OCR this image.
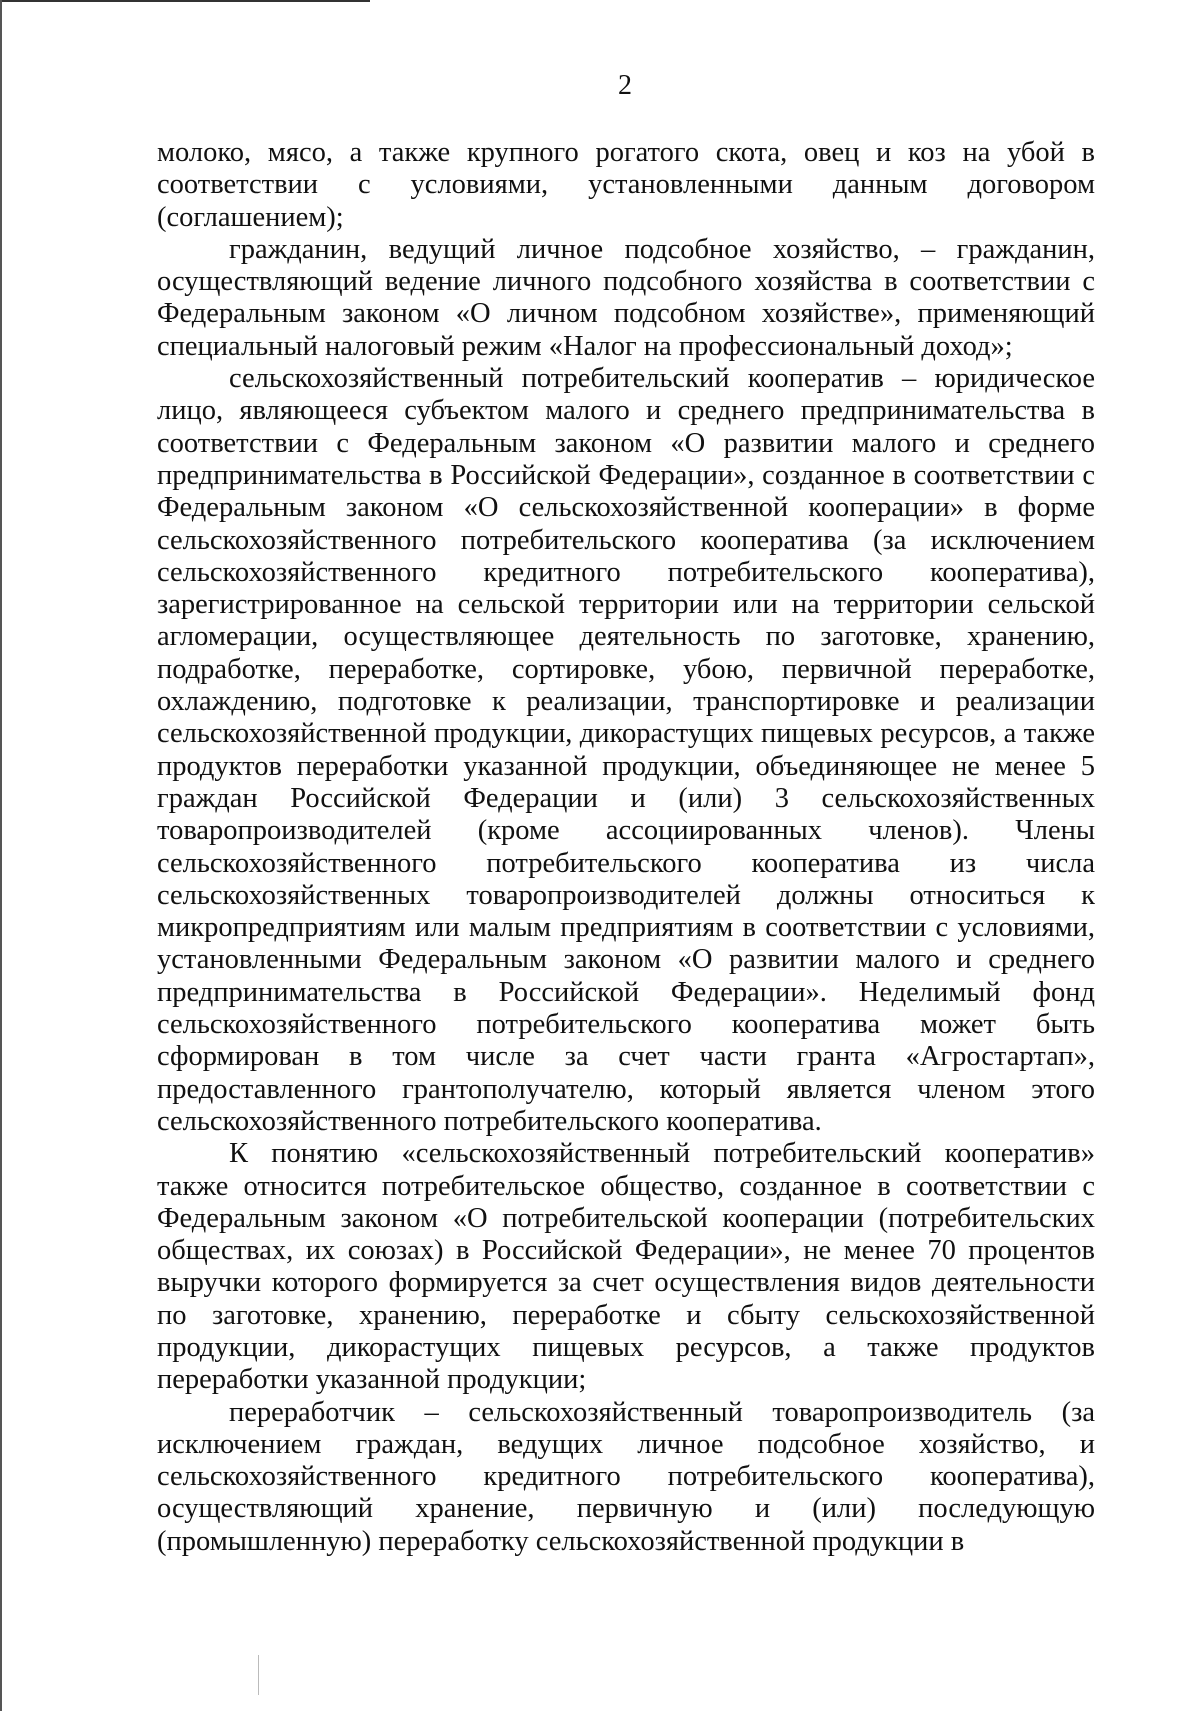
2

молоко, мясо, а также крупного рогатого скота, овец и коз на убой в соответствии с условиями, установленными данным договором (соглашением);

гражданин, ведущий личное подсобное хозяйство, – гражданин, осуществляющий ведение личного подсобного хозяйства в соответствии с Федеральным законом «О личном подсобном хозяйстве», применяющий специальный налоговый режим «Налог на профессиональный доход»;

сельскохозяйственный потребительский кооператив – юридическое лицо, являющееся субъектом малого и среднего предпринимательства в соответствии с Федеральным законом «О развитии малого и среднего предпринимательства в Российской Федерации», созданное в соответствии с Федеральным законом «О сельскохозяйственной кооперации» в форме сельскохозяйственного потребительского кооператива (за исключением сельскохозяйственного кредитного потребительского кооператива), зарегистрированное на сельской территории или на территории сельской агломерации, осуществляющее деятельность по заготовке, хранению, подработке, переработке, сортировке, убою, первичной переработке, охлаждению, подготовке к реализации, транспортировке и реализации сельскохозяйственной продукции, дикорастущих пищевых ресурсов, а также продуктов переработки указанной продукции, объединяющее не менее 5 граждан Российской Федерации и (или) 3 сельскохозяйственных товаропроизводителей (кроме ассоциированных членов). Члены сельскохозяйственного потребительского кооператива из числа сельскохозяйственных товаропроизводителей должны относиться к микропредприятиям или малым предприятиям в соответствии с условиями, установленными Федеральным законом «О развитии малого и среднего предпринимательства в Российской Федерации». Неделимый фонд сельскохозяйственного потребительского кооператива может быть сформирован в том числе за счет части гранта «Агростартап», предоставленного грантополучателю, который является членом этого сельскохозяйственного потребительского кооператива.

К понятию «сельскохозяйственный потребительский кооператив» также относится потребительское общество, созданное в соответствии с Федеральным законом «О потребительской кооперации (потребительских обществах, их союзах) в Российской Федерации», не менее 70 процентов выручки которого формируется за счет осуществления видов деятельности по заготовке, хранению, переработке и сбыту сельскохозяйственной продукции, дикорастущих пищевых ресурсов, а также продуктов переработки указанной продукции;

переработчик – сельскохозяйственный товаропроизводитель (за исключением граждан, ведущих личное подсобное хозяйство, и сельскохозяйственного кредитного потребительского кооператива), осуществляющий хранение, первичную и (или) последующую (промышленную) переработку сельскохозяйственной продукции в
